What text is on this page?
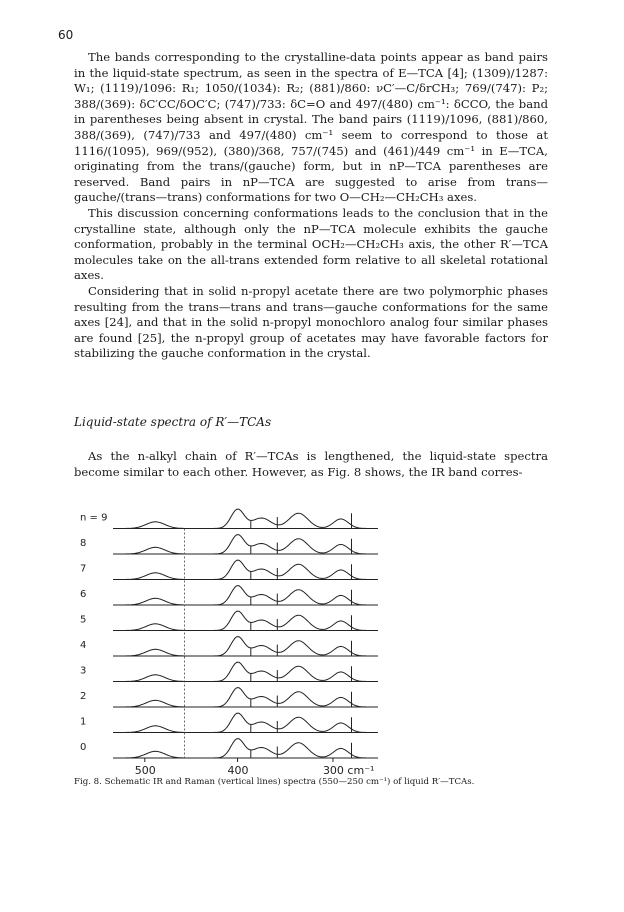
60

The bands corresponding to the crystalline-data points appear as band pairs in the liquid-state spectrum, as seen in the spectra of E—TCA [4]; (1309)/1287: W₁; (1119)/1096: R₁; 1050/(1034): R₂; (881)/860: νC′—C/δrCH₃; 769/(747): P₂; 388/(369): δC′CC/δOC′C; (747)/733: δC=O and 497/(480) cm⁻¹: δCCO, the band in parentheses being absent in crystal. The band pairs (1119)/1096, (881)/860, 388/(369), (747)/733 and 497/(480) cm⁻¹ seem to correspond to those at 1116/(1095), 969/(952), (380)/368, 757/(745) and (461)/449 cm⁻¹ in E—TCA, originating from the trans/(gauche) form, but in nP—TCA parentheses are reserved. Band pairs in nP—TCA are suggested to arise from trans—gauche/(trans—trans) conformations for two O—CH₂—CH₂CH₃ axes.

This discussion concerning conformations leads to the conclusion that in the crystalline state, although only the nP—TCA molecule exhibits the gauche conformation, probably in the terminal OCH₂—CH₂CH₃ axis, the other R′—TCA molecules take on the all-trans extended form relative to all skeletal rotational axes.

Considering that in solid n-propyl acetate there are two polymorphic phases resulting from the trans—trans and trans—gauche conformations for the same axes [24], and that in the solid n-propyl monochloro analog four similar phases are found [25], the n-propyl group of acetates may have favorable factors for stabilizing the gauche conformation in the crystal.

Liquid-state spectra of R′—TCAs

As the n-alkyl chain of R′—TCAs is lengthened, the liquid-state spectra become similar to each other. However, as Fig. 8 shows, the IR band corres-

n = 9
8
7
6
5
4
3
2
1
0
500	400	300 cm⁻¹
Fig. 8. Schematic IR and Raman (vertical lines) spectra (550—250 cm⁻¹) of liquid R′—TCAs.
